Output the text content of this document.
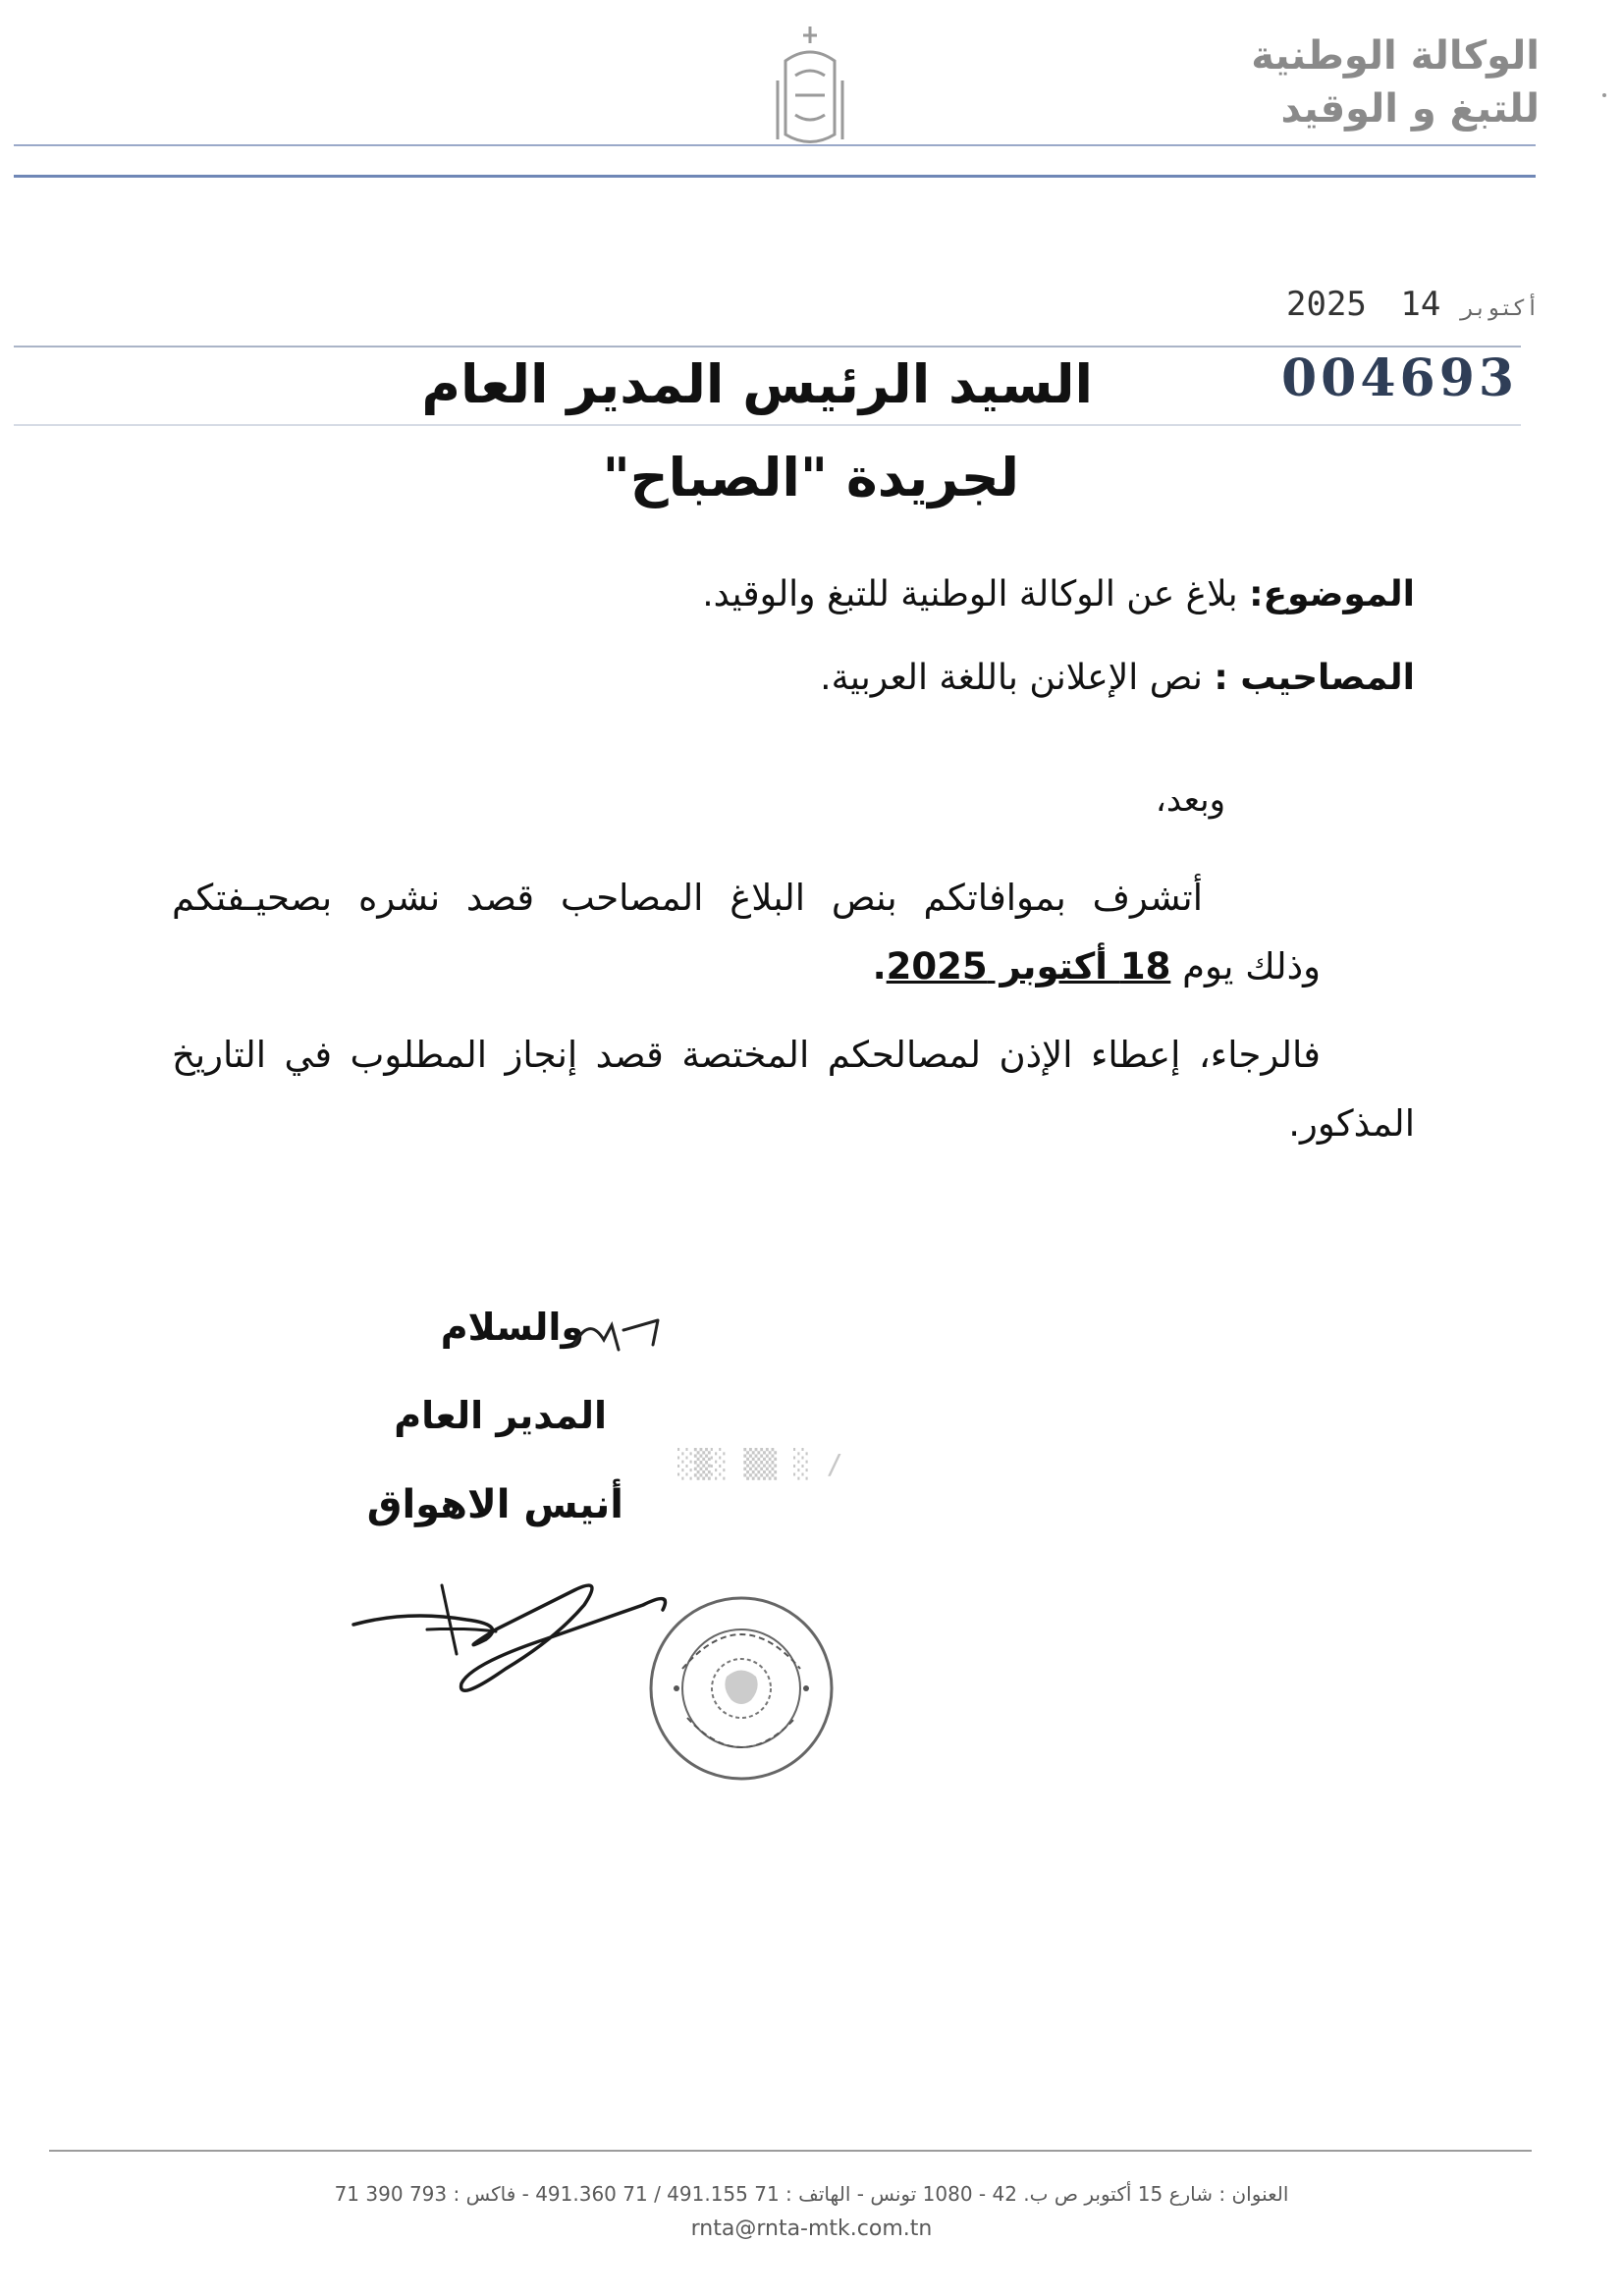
الوكالة الوطنية
للتبغ و الوقيد
2025	أكتوبر 14
004693
السيد الرئيس المدير العام
لجريدة "الصباح"
الموضوع: بلاغ عن الوكالة الوطنية للتبغ والوقيد.
المصاحيب : نص الإعلانن باللغة العربية.
وبعد،
أتشرف بموافاتكم بنص البلاغ المصاحب قصد نشره بصحيـفتكم
وذلك يوم 18 أكتوبر 2025.
فالرجاء، إعطاء الإذن لمصالحكم المختصة قصد إنجاز المطلوب في التاريخ
المذكور.
والسلام
المدير العام
أنيس الاهواق
░▒░ ▒▒ ░ /
العنوان : شارع 15 أكتوبر ص ب. 42 - 1080 تونس - الهاتف : 71 491.155 / 71 491.360 - فاكس : 793 390 71
rnta@rnta-mtk.com.tn
